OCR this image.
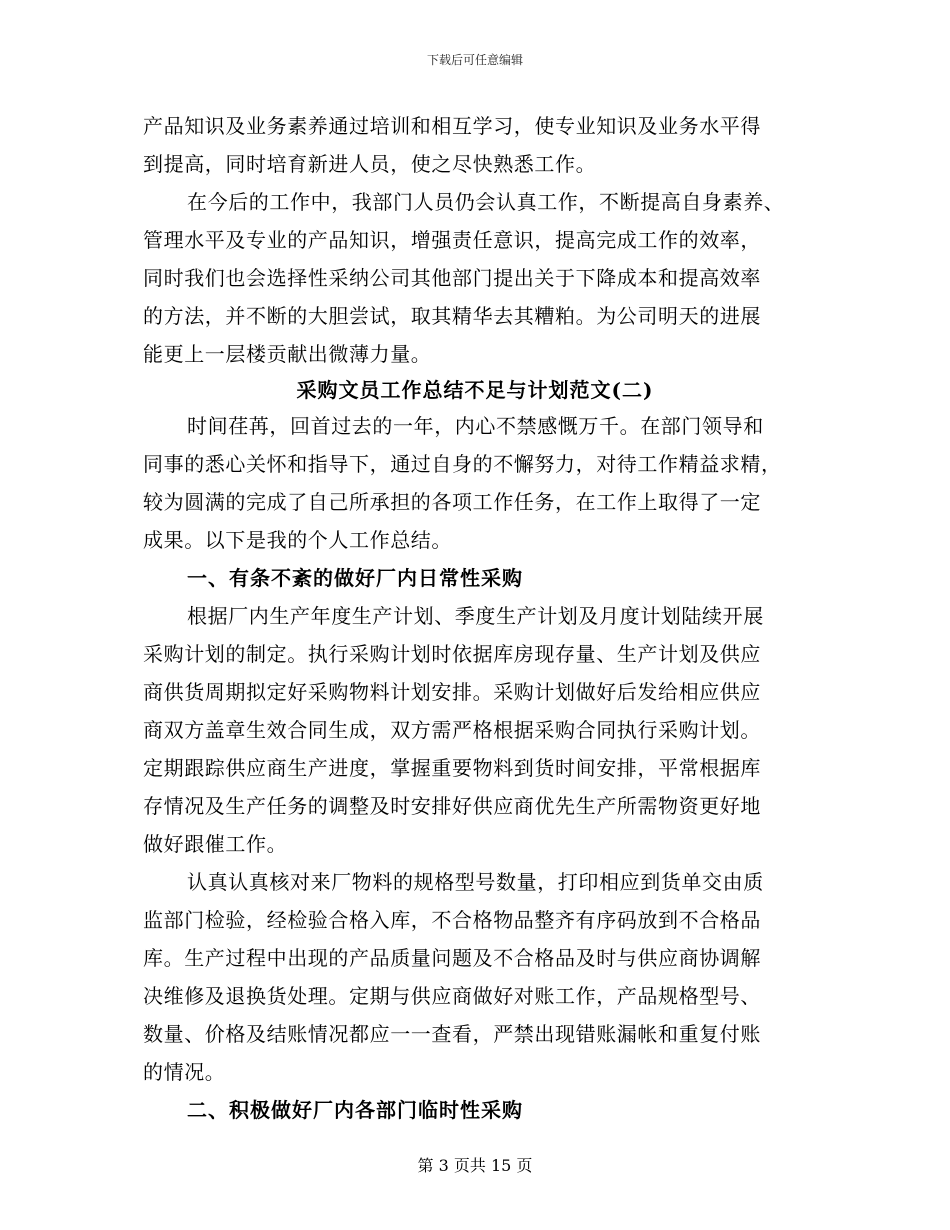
下载后可任意编辑
产品知识及业务素养通过培训和相互学习，使专业知识及业务水平得
到提高，同时培育新进人员，使之尽快熟悉工作。
在今后的工作中，我部门人员仍会认真工作，不断提高自身素养、
管理水平及专业的产品知识，增强责任意识，提高完成工作的效率，
同时我们也会选择性采纳公司其他部门提出关于下降成本和提高效率
的方法，并不断的大胆尝试，取其精华去其糟粕。为公司明天的进展
能更上一层楼贡献出微薄力量。
采购文员工作总结不足与计划范文(二)
时间荏苒，回首过去的一年，内心不禁感慨万千。在部门领导和
同事的悉心关怀和指导下，通过自身的不懈努力，对待工作精益求精，
较为圆满的完成了自己所承担的各项工作任务，在工作上取得了一定
成果。以下是我的个人工作总结。
一、有条不紊的做好厂内日常性采购
根据厂内生产年度生产计划、季度生产计划及月度计划陆续开展
采购计划的制定。执行采购计划时依据库房现存量、生产计划及供应
商供货周期拟定好采购物料计划安排。采购计划做好后发给相应供应
商双方盖章生效合同生成，双方需严格根据采购合同执行采购计划。
定期跟踪供应商生产进度，掌握重要物料到货时间安排，平常根据库
存情况及生产任务的调整及时安排好供应商优先生产所需物资更好地
做好跟催工作。
认真认真核对来厂物料的规格型号数量，打印相应到货单交由质
监部门检验，经检验合格入库，不合格物品整齐有序码放到不合格品
库。生产过程中出现的产品质量问题及不合格品及时与供应商协调解
决维修及退换货处理。定期与供应商做好对账工作，产品规格型号、
数量、价格及结账情况都应一一查看，严禁出现错账漏帐和重复付账
的情况。
二、积极做好厂内各部门临时性采购
第 3 页共 15 页
